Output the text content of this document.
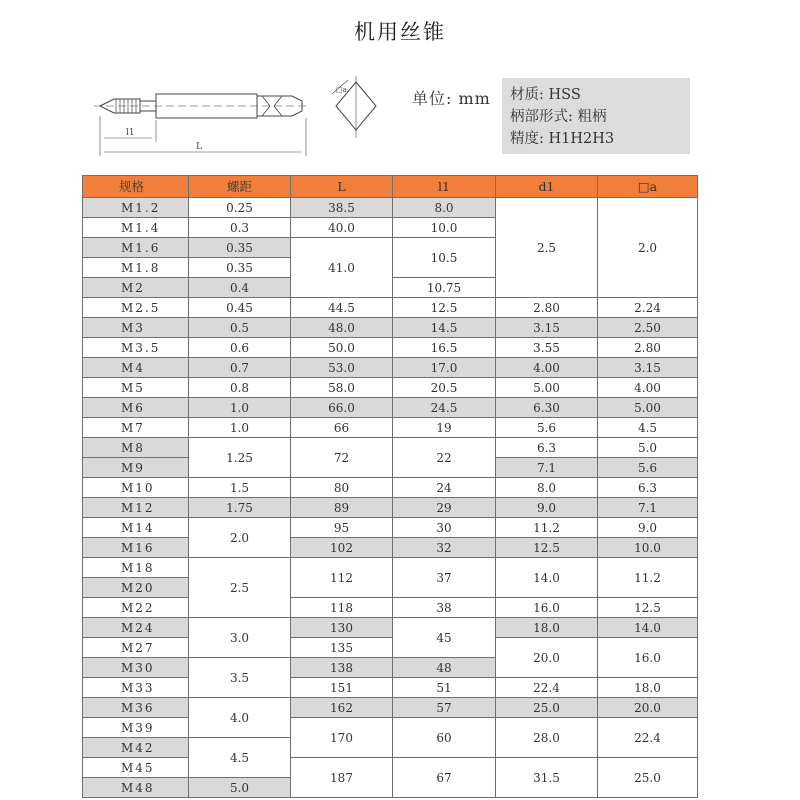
机用丝锥
l1
L
□a	单位: mm 材质: HSS
柄部形式: 粗柄
精度: H1H2H3
规格	螺距	L	l1	d1	□a
M1.2	0.25	38.5	8.0	2.5	2.0
M1.4	0.3	40.0	10.0		
M1.6	0.35	41.0	10.5		
M1.8	0.35				
M2	0.4		10.75		
M2.5	0.45	44.5	12.5	2.80	2.24
M3	0.5	48.0	14.5	3.15	2.50
M3.5	0.6	50.0	16.5	3.55	2.80
M4	0.7	53.0	17.0	4.00	3.15
M5	0.8	58.0	20.5	5.00	4.00
M6	1.0	66.0	24.5	6.30	5.00
M7	1.0	66	19	5.6	4.5
M8	1.25	72	22	6.3	5.0
M9				7.1	5.6
M10	1.5	80	24	8.0	6.3
M12	1.75	89	29	9.0	7.1
M14	2.0	95	30	11.2	9.0
M16		102	32	12.5	10.0
M18	2.5	112	37	14.0	11.2
M20					
M22		118	38	16.0	12.5
M24	3.0	130	45	18.0	14.0
M27		135		20.0	16.0
M30	3.5	138	48		
M33		151	51	22.4	18.0
M36	4.0	162	57	25.0	20.0
M39		170	60	28.0	22.4
M42	4.5				
M45		187	67	31.5	25.0
M48	5.0				
